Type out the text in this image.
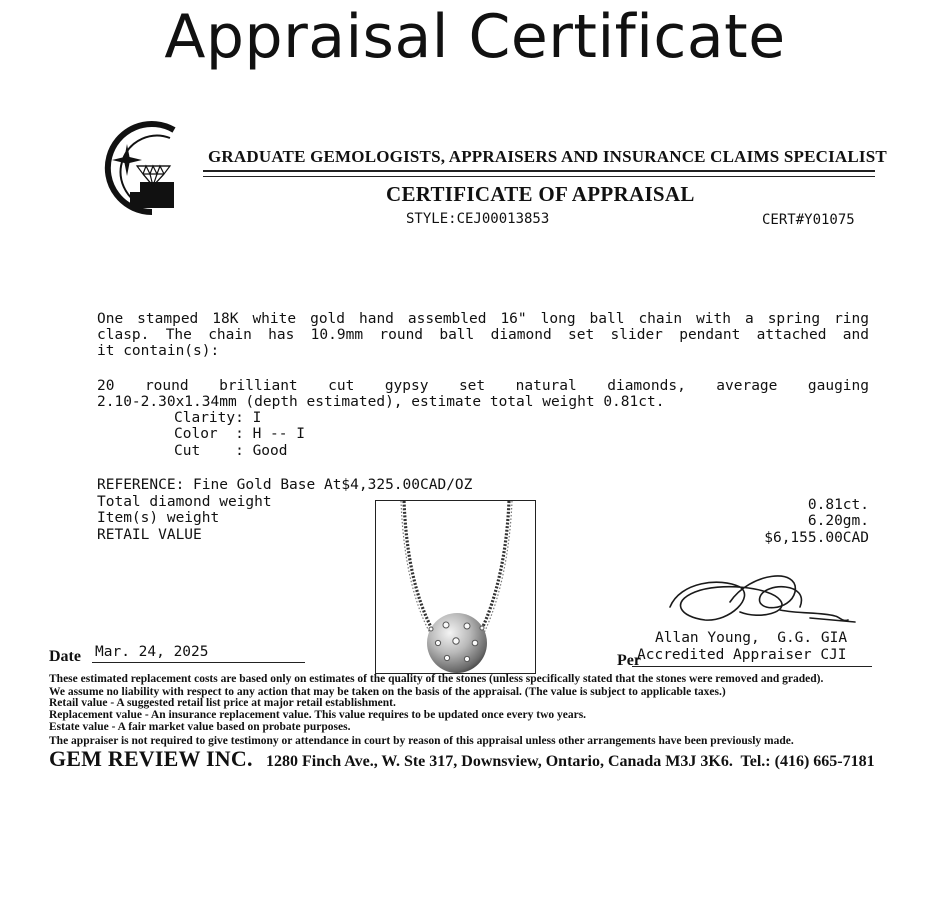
Appraisal Certificate
GRADUATE GEMOLOGISTS, APPRAISERS AND INSURANCE CLAIMS SPECIALIST
CERTIFICATE OF APPRAISAL
STYLE:CEJ00013853	CERT#Y01075
One stamped 18K white gold hand assembled 16" long ball chain with a spring ring
clasp. The chain has 10.9mm round ball diamond set slider pendant attached and
it contain(s):
20 round brilliant cut gypsy set natural diamonds, average gauging
2.10-2.30x1.34mm (depth estimated), estimate total weight 0.81ct.
Clarity: I
Color  : H -- I
Cut    : Good
REFERENCE: Fine Gold Base At$4,325.00CAD/OZ
Total diamond weight
Item(s) weight
RETAIL VALUE
0.81ct.
6.20gm.
$6,155.00CAD
Allan Young,  G.G. GIA
Accredited Appraiser CJI
Per
Date Mar. 24, 2025
These estimated replacement costs are based only on estimates of the quality of the stones (unless specifically stated that the stones were removed and graded).
We assume no liability with respect to any action that may be taken on the basis of the appraisal. (The value is subject to applicable taxes.)
Retail value - A suggested retail list price at major retail establishment.
Replacement value - An insurance replacement value. This value requires to be updated once every two years.
Estate value - A fair market value based on probate purposes.
The appraiser is not required to give testimony or attendance in court by reason of this appraisal unless other arrangements have been previously made.
GEM REVIEW INC. 1280 Finch Ave., W. Ste 317, Downsview, Ontario, Canada M3J 3K6.  Tel.: (416) 665-7181
